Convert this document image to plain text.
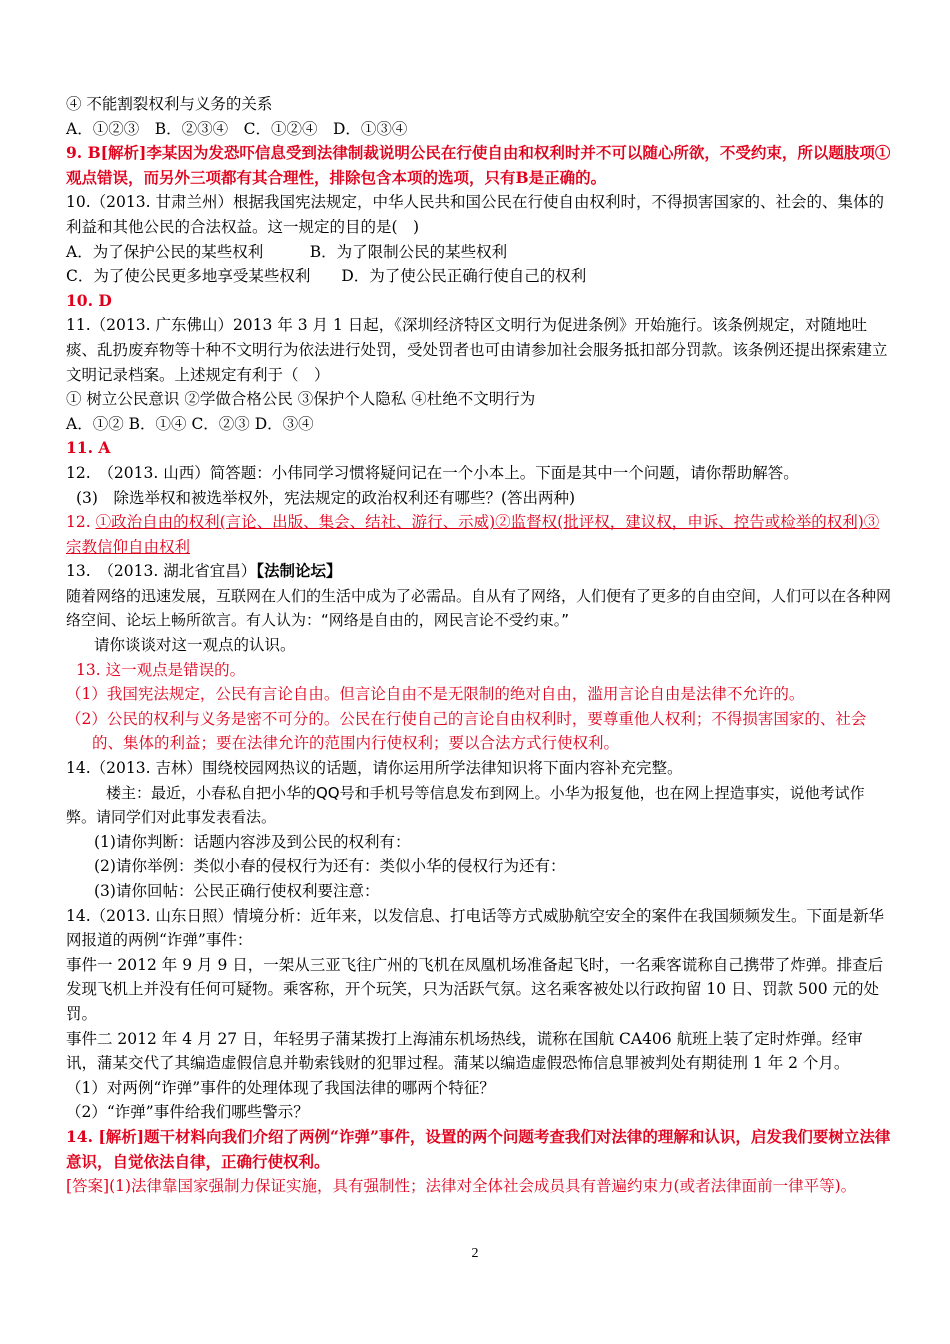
④ 不能割裂权利与义务的关系

A．①②③　B．②③④　C．①②④　D．①③④

9. B[解析]李某因为发恐吓信息受到法律制裁说明公民在行使自由和权利时并不可以随心所欲，不受约束，所以题肢项①观点错误，而另外三项都有其合理性，排除包含本项的选项，只有B是正确的。

10.（2013. 甘肃兰州）根据我国宪法规定，中华人民共和国公民在行使自由权利时，不得损害国家的、社会的、集体的利益和其他公民的合法权益。这一规定的目的是(　)

A．为了保护公民的某些权利　　　B．为了限制公民的某些权利

C．为了使公民更多地享受某些权利　　D．为了使公民正确行使自己的权利

10. D

11.（2013. 广东佛山）2013 年 3 月 1 日起，《深圳经济特区文明行为促进条例》开始施行。该条例规定，对随地吐痰、乱扔废弃物等十种不文明行为依法进行处罚，受处罚者也可由请参加社会服务抵扣部分罚款。该条例还提出探索建立文明记录档案。上述规定有利于（　）

① 树立公民意识 ②学做合格公民 ③保护个人隐私 ④杜绝不文明行为

A．①② B．①④ C．②③ D．③④

11. A

12.　（2013. 山西）简答题：小伟同学习惯将疑问记在一个小本上。下面是其中一个问题，请你帮助解答。

(3)　除选举权和被选举权外，宪法规定的政治权利还有哪些？(答出两种)

12. ①政治自由的权利(言论、出版、集会、结社、游行、示威)②监督权(批评权，建议权，申诉、控告或检举的权利)③宗教信仰自由权利

13.　（2013. 湖北省宜昌）【法制论坛】

随着网络的迅速发展，互联网在人们的生活中成为了必需品。自从有了网络，人们便有了更多的自由空间，人们可以在各种网络空间、论坛上畅所欲言。有人认为：“网络是自由的，网民言论不受约束。”

请你谈谈对这一观点的认识。

13. 这一观点是错误的。

（1）我国宪法规定，公民有言论自由。但言论自由不是无限制的绝对自由，滥用言论自由是法律不允许的。

（2）公民的权利与义务是密不可分的。公民在行使自己的言论自由权利时，要尊重他人权利；不得损害国家的、社会的、集体的利益；要在法律允许的范围内行使权利；要以合法方式行使权利。

14.（2013. 吉林）围绕校园网热议的话题，请你运用所学法律知识将下面内容补充完整。

楼主：最近，小春私自把小华的QQ号和手机号等信息发布到网上。小华为报复他，也在网上捏造事实，说他考试作弊。请同学们对此事发表看法。

(1)请你判断：话题内容涉及到公民的权利有：

(2)请你举例：类似小春的侵权行为还有：类似小华的侵权行为还有：

(3)请你回帖：公民正确行使权利要注意：

14.（2013. 山东日照）情境分析：近年来，以发信息、打电话等方式威胁航空安全的案件在我国频频发生。下面是新华网报道的两例“诈弹”事件：

事件一 2012 年 9 月 9 日，一架从三亚飞往广州的飞机在凤凰机场准备起飞时，一名乘客谎称自己携带了炸弹。排查后发现飞机上并没有任何可疑物。乘客称，开个玩笑，只为活跃气氛。这名乘客被处以行政拘留 10 日、罚款 500 元的处罚。

事件二 2012 年 4 月 27 日，年轻男子蒲某拨打上海浦东机场热线，谎称在国航 CA406 航班上装了定时炸弹。经审讯，蒲某交代了其编造虚假信息并勒索钱财的犯罪过程。蒲某以编造虚假恐怖信息罪被判处有期徒刑 1 年 2 个月。

（1）对两例“诈弹”事件的处理体现了我国法律的哪两个特征？

（2）“诈弹”事件给我们哪些警示？

14. [解析]题干材料向我们介绍了两例“诈弹”事件，设置的两个问题考查我们对法律的理解和认识，启发我们要树立法律意识，自觉依法自律，正确行使权利。

[答案](1)法律靠国家强制力保证实施，具有强制性；法律对全体社会成员具有普遍约束力(或者法律面前一律平等)。

2
